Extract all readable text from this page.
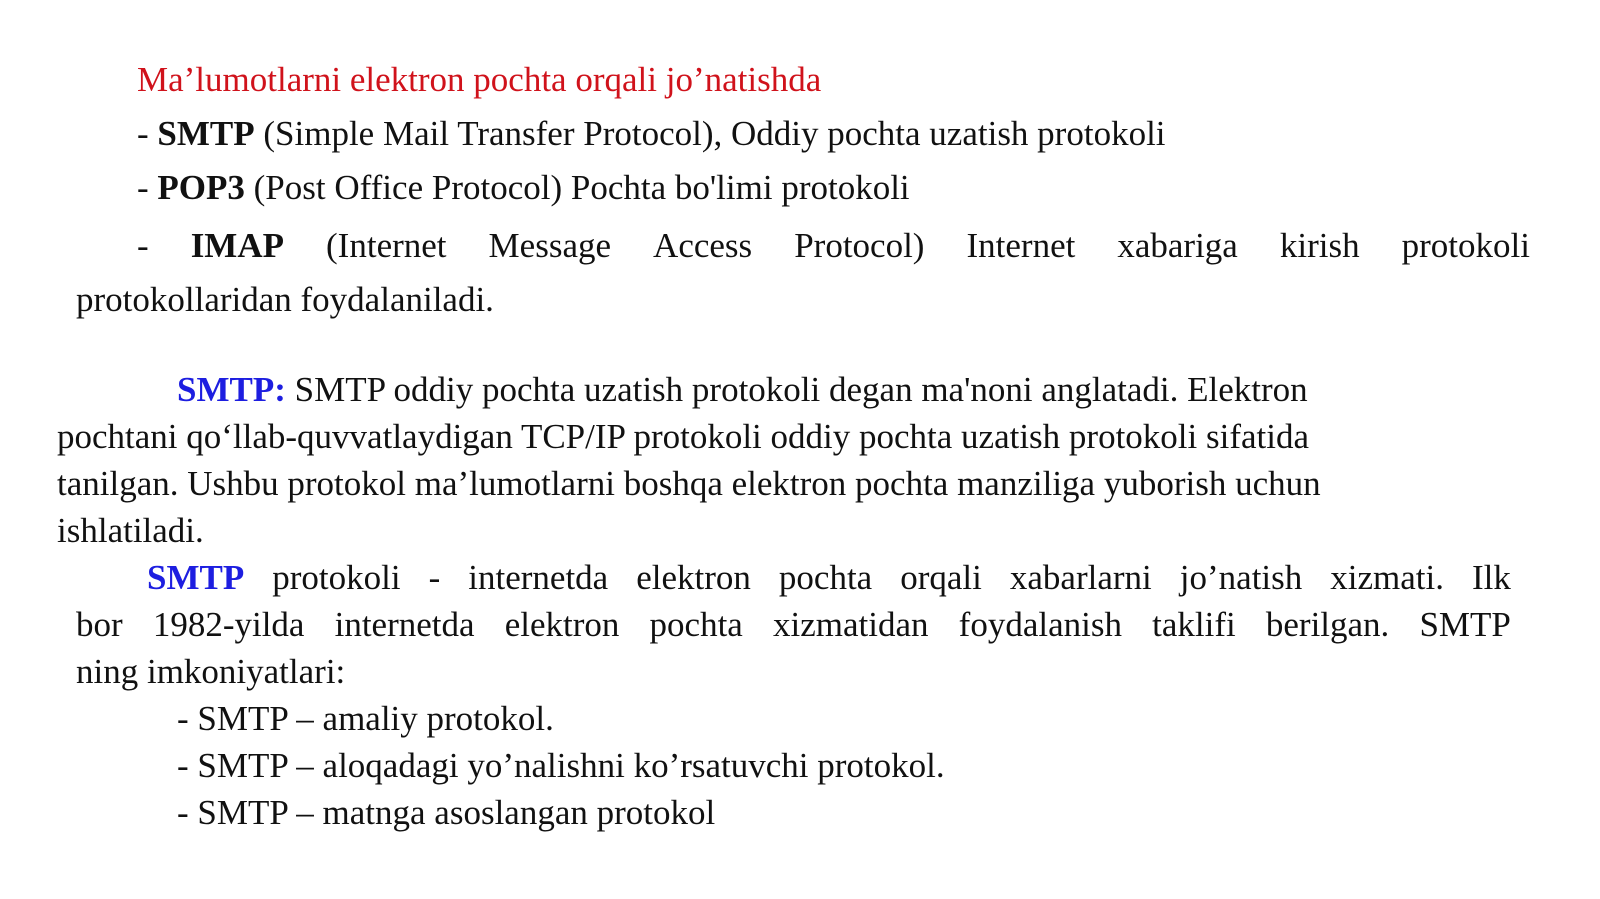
Ma’lumotlarni elektron pochta orqali jo’natishda

- SMTP (Simple Mail Transfer Protocol), Oddiy pochta uzatish protokoli

- POP3 (Post Office Protocol) Pochta bo'limi protokoli

- IMAP (Internet Message Access Protocol) Internet xabariga kirish protokoli

protokollaridan foydalaniladi.

SMTP: SMTP oddiy pochta uzatish protokoli degan ma'noni anglatadi. Elektron

pochtani qo‘llab-quvvatlaydigan TCP/IP protokoli oddiy pochta uzatish protokoli sifatida

tanilgan. Ushbu protokol ma’lumotlarni boshqa elektron pochta manziliga yuborish uchun

ishlatiladi.

SMTP protokoli - internetda elektron pochta orqali xabarlarni jo’natish xizmati. Ilk
bor 1982-yilda internetda elektron pochta xizmatidan foydalanish taklifi berilgan. SMTP

ning imkoniyatlari:

- SMTP – amaliy protokol.

- SMTP – aloqadagi yo’nalishni ko’rsatuvchi protokol.

- SMTP – matnga asoslangan protokol
